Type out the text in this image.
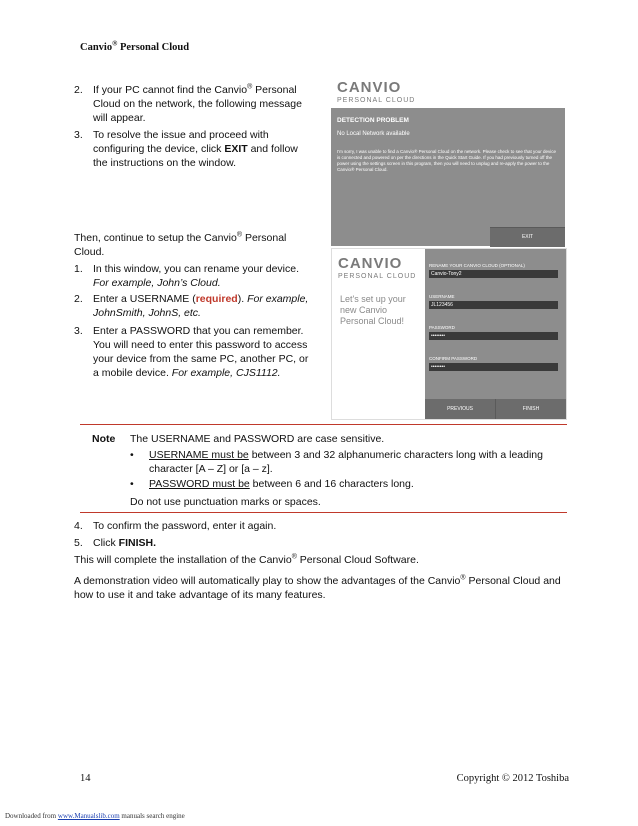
Canvio® Personal Cloud
2. If your PC cannot find the Canvio® Personal
Cloud on the network, the following message
will appear.
3. To resolve the issue and proceed with
configuring the device, click EXIT and follow
the instructions on the window.
CANVIO
PERSONAL CLOUD
DETECTION PROBLEM
No Local Network available
I'm sorry, I was unable to find a Canvio® Personal Cloud on the network. Please check to see that your device is connected and powered on per the directions in the Quick Start Guide. If you had previously turned off the power using the settings screen in this program, then you will need to unplug and re-apply the power to the Canvio® Personal Cloud.
EXIT
Then, continue to setup the Canvio® Personal
Cloud.
1. In this window, you can rename your device.
For example, John’s Cloud.
2. Enter a USERNAME (required). For example,
JohnSmith, JohnS, etc.
3. Enter a PASSWORD that you can remember.
You will need to enter this password to access
your device from the same PC, another PC, or
a mobile device. For example, CJS1112.
CANVIO
PERSONAL CLOUD
Let's set up your new Canvio Personal Cloud!
RENAME YOUR CANVIO CLOUD (OPTIONAL)
Canvio-Tony2
USERNAME
JL123456
PASSWORD
••••••••
CONFIRM PASSWORD
••••••••
PREVIOUS	FINISH
Note The USERNAME and PASSWORD are case sensitive.
• USERNAME must be between 3 and 32 alphanumeric characters long with a leading
character [A – Z] or [a – z].
• PASSWORD must be between 6 and 16 characters long.
Do not use punctuation marks or spaces.
4. To confirm the password, enter it again.
5. Click FINISH.
This will complete the installation of the Canvio® Personal Cloud Software.
A demonstration video will automatically play to show the advantages of the Canvio® Personal Cloud and
how to use it and take advantage of its many features.
14	Copyright © 2012 Toshiba
Downloaded from www.Manualslib.com manuals search engine
